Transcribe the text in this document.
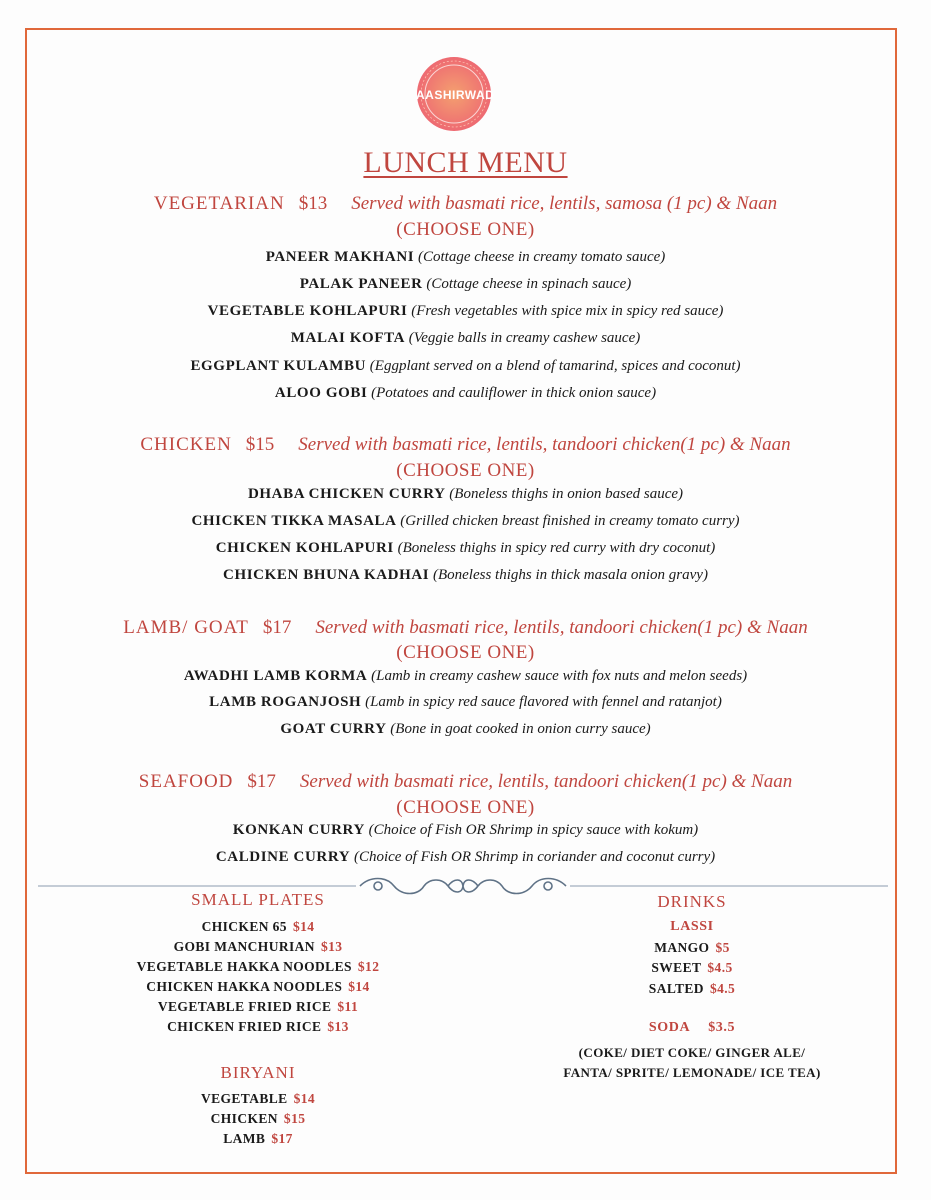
AASHIRWAD
LUNCH MENU
VEGETARIAN $13 Served with basmati rice, lentils, samosa (1 pc) & Naan
(CHOOSE ONE)
PANEER MAKHANI (Cottage cheese in creamy tomato sauce)
PALAK PANEER (Cottage cheese in spinach sauce)
VEGETABLE KOHLAPURI (Fresh vegetables with spice mix in spicy red sauce)
MALAI KOFTA (Veggie balls in creamy cashew sauce)
EGGPLANT KULAMBU (Eggplant served on a blend of tamarind, spices and coconut)
ALOO GOBI (Potatoes and cauliflower in thick onion sauce)
CHICKEN $15 Served with basmati rice, lentils, tandoori chicken(1 pc) & Naan
(CHOOSE ONE)
DHABA CHICKEN CURRY (Boneless thighs in onion based sauce)
CHICKEN TIKKA MASALA (Grilled chicken breast finished in creamy tomato curry)
CHICKEN KOHLAPURI (Boneless thighs in spicy red curry with dry coconut)
CHICKEN BHUNA KADHAI (Boneless thighs in thick masala onion gravy)
LAMB/ GOAT $17 Served with basmati rice, lentils, tandoori chicken(1 pc) & Naan
(CHOOSE ONE)
AWADHI LAMB KORMA (Lamb in creamy cashew sauce with fox nuts and melon seeds)
LAMB ROGANJOSH (Lamb in spicy red sauce flavored with fennel and ratanjot)
GOAT CURRY (Bone in goat cooked in onion curry sauce)
SEAFOOD $17 Served with basmati rice, lentils, tandoori chicken(1 pc) & Naan
(CHOOSE ONE)
KONKAN CURRY (Choice of Fish OR Shrimp in spicy sauce with kokum)
CALDINE CURRY (Choice of Fish OR Shrimp in coriander and coconut curry)
SMALL PLATES
CHICKEN 65 $14
GOBI MANCHURIAN $13
VEGETABLE HAKKA NOODLES $12
CHICKEN HAKKA NOODLES $14
VEGETABLE FRIED RICE $11
CHICKEN FRIED RICE $13
BIRYANI
VEGETABLE $14
CHICKEN $15
LAMB $17
DRINKS
LASSI
MANGO $5
SWEET $4.5
SALTED $4.5
SODA $3.5
(COKE/ DIET COKE/ GINGER ALE/
FANTA/ SPRITE/ LEMONADE/ ICE TEA)
